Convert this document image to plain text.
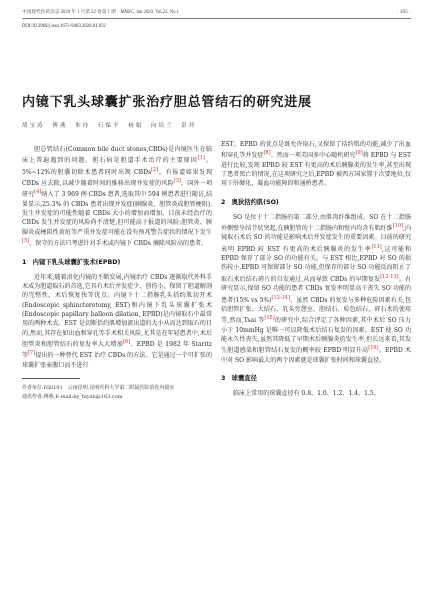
中国现代医药杂志 2020 年 1 月第 22 卷第 1 期　MMJC, Jan 2020, Vol.22, No.1	· 105 ·
DOI:10.3969/j.issn.1672-9463.2020.01.032
内镜下乳头球囊扩张治疗胆总管结石的研究进展
胡宝涛　傅燕　朱玲　石保平　杨娟　向培兰　彭玲

胆总管结石(Common bile duct stones,CBDs)是内镜医生在临床上普遍遇到的问题。胆石病是胆道手术治疗的主要原因[1]。5%~12%的胆囊切除术患者同时出现 CBDs[2]。有报道如果发现 CBDs 应去除,以减少随着时间的推移出现并发症的风险[3]。国外一项研究[4]纳入了 3 969 例 CBDs 患者,选取其中 594 例患者进行随访,结果显示,25.3% 的 CBDs 患者出现并发症(胰腺炎、胆管炎或胆管梗阻),发生并发症的可能性随着 CBDs 大小的增加而增加。目前未经治疗的 CBDs 发生并发症的风险尚不清楚,但可能高于报道的风险;胆管炎、胰腺炎或梗阻性黄疸等严重并发症可能在没有预兆警告症状的情况下发生[5]。保守的方法只考虑针对手术或内镜下 CBDs 摘除风险高的患者。

1　内镜下乳头球囊扩张术(EPBD)

近年来,随着消化内镜的不断发展,内镜治疗 CBDs 逐渐取代外科手术成为胆道取石的首选,它具有术后并发症少、创伤小、保留了胆道解剖的完整性、术后恢复快等优点。内镜下十二指肠乳头括约肌切开术(Endoscopic sphincterotomy, EST)和内镜下乳头球囊扩张术(Endoscopic papillary balloon dilation, EPBD)是内镜取石中最常用的两种术式。EST 是切断括约肌增加流出道的大小从而达到取石的目的,然而,其存在如出血和穿孔等手术相关风险,尤其是在年轻患者中,术后胆管炎和胆管结石的复发率大大增加[6]。EPBD 是 1982 年 Staritz 等[7]提出的一种替代 EST 治疗 CBDs 的方法。它是通过一个可扩张的球囊扩张壶腹口而不进行

作者单位:650101　云南昆明,昆明医科大学第二附属医院消化内镜室

通讯作者:傅燕,E-mail:ky_fuyan@163.com

EST。EPBD 的优点是既允许取石,又保留了括约肌的功能,减少了出血和穿孔等并发症[8]。然而一项美国多中心随机研究[9]将 EPBD 与 EST 进行比较,发现 EPBD 较 EST 有更高的术后胰腺炎的发生率,甚至出现了患者死亡的情况,在这项研究之后,EPBD 被西方国家置于次要地位,仅用于肝硬化、凝血功能障碍和通桥患者。

2　奥狄括约肌(SO)

SO 是位于十二指肠的第二部分,由肌肉纤维组成。SO 在十二指肠外侧壁呈结节状突起,在胰胆管的十二指肠内和壁内均含有肌纤维[10],内镜取石术后 SO 的功能是影响术后并发症发生的重要因素。目前的研究表明 EPBD 较 EST 有更高的术后胰腺炎的发生率[11],这可能和 EPBD 保存了部分 SO 的功能有关。与 EST 相比,EPBD 对 SO 的损伤较小,EPBD 可保留部分 SO 功能,但保存的部分 SO 功能反而阻止了取石术后结石碎片的自发通过,从而导致 CBDs 的早期复发[12-13]。有研究显示,保留 SO 功能的患者 CBDs 复发率明显高于丧失 SO 功能的患者(15% vs 5%)[12-14]。虽然 CBDs 的复发与多种危险因素有关,包括胆管扩张、大结石、乳头旁憩室、胆结石、棕色结石、碎石术的使用等,然而,Tsai 等[15]的研究中,综合评定了各种因素,其中术后 SO 压力小于 10mmHg 是唯一可以降低术后结石复发的因素。EST 使 SO 功能永久性丧失,虽然其降低了早期术后胰腺炎的发生率,但长远来看,其发生胆道感染和胆管结石复发的概率较 EPBD 明显升高[16]。EPBD 术中对 SO 影响最大的两个因素就是球囊扩张时间和球囊直径。

3　球囊直径

临床上常用的球囊直径有 0.8、1.0、1.2、1.4、1.5、
